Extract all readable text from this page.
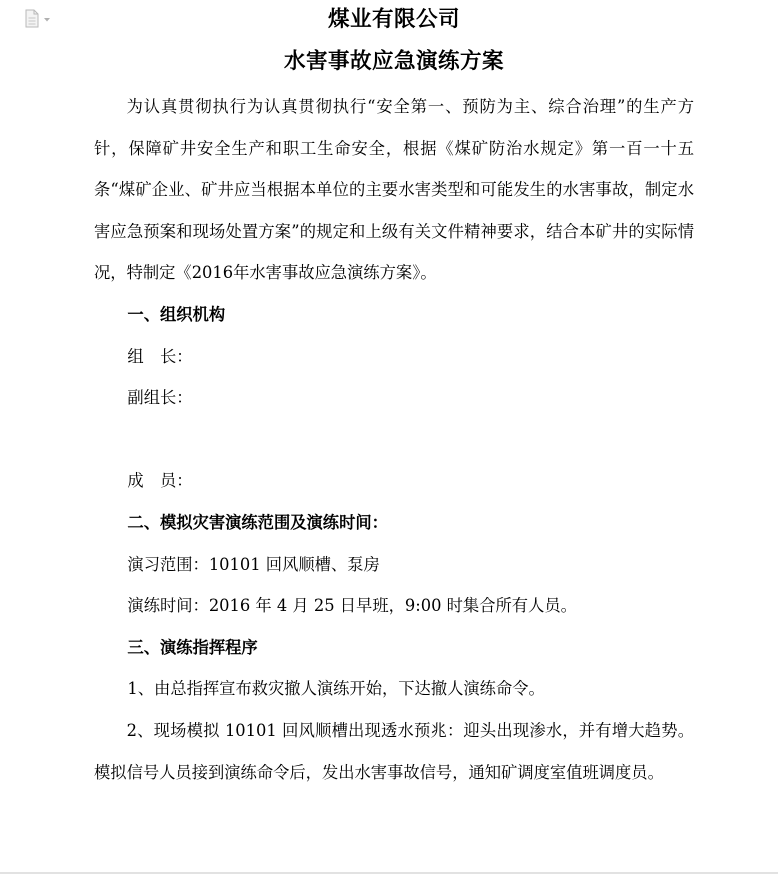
煤业有限公司
水害事故应急演练方案

为认真贯彻执行为认真贯彻执行“安全第一、预防为主、综合治理”的生产方针，保障矿井安全生产和职工生命安全，根据《煤矿防治水规定》第一百一十五条“煤矿企业、矿井应当根据本单位的主要水害类型和可能发生的水害事故，制定水害应急预案和现场处置方案”的规定和上级有关文件精神要求，结合本矿井的实际情况，特制定《2016年水害事故应急演练方案》。

一、组织机构

组　长：

副组长：

成　员：

二、模拟灾害演练范围及演练时间：

演习范围：10101 回风顺槽、泵房

演练时间：2016 年 4 月 25 日早班，9:00 时集合所有人员。

三、演练指挥程序

1、由总指挥宣布救灾撤人演练开始，下达撤人演练命令。

2、现场模拟 10101 回风顺槽出现透水预兆：迎头出现渗水，并有增大趋势。模拟信号人员接到演练命令后，发出水害事故信号，通知矿调度室值班调度员。
